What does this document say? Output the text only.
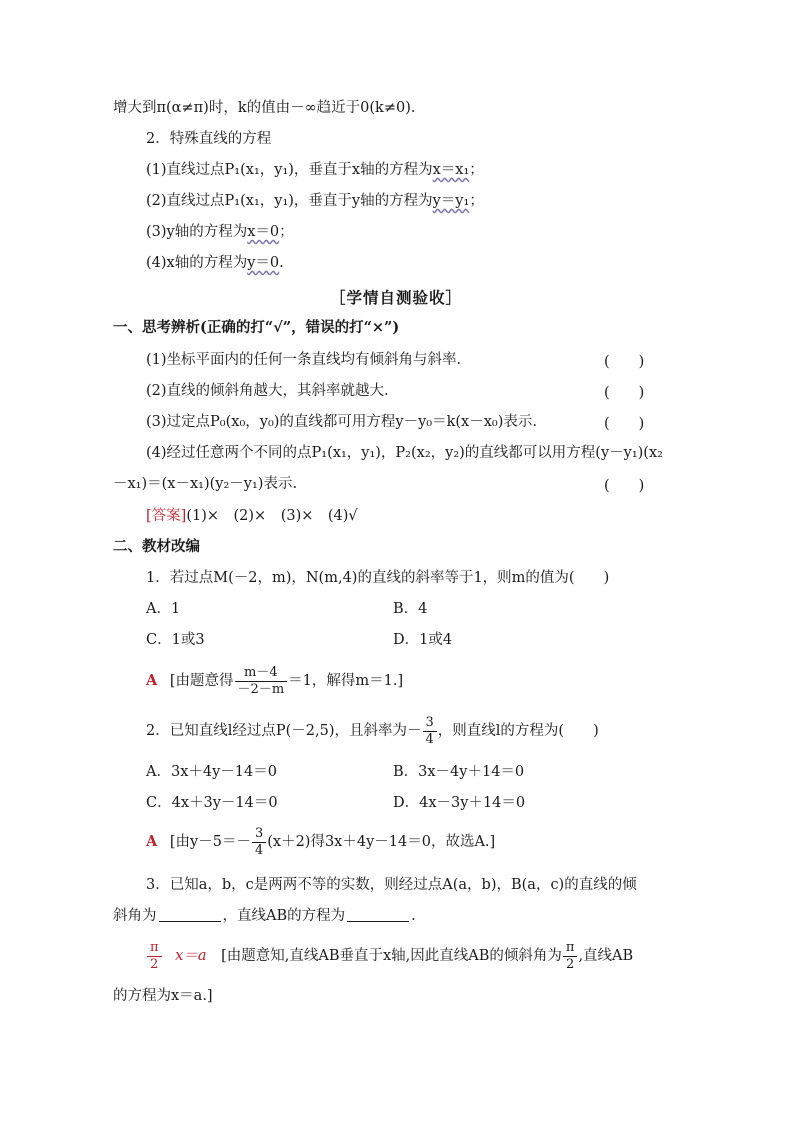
增大到π(α≠π)时，k的值由－∞趋近于0(k≠0).
2．特殊直线的方程
(1)直线过点P₁(x₁，y₁)，垂直于x轴的方程为x＝x₁；
(2)直线过点P₁(x₁，y₁)，垂直于y轴的方程为y＝y₁；
(3)y轴的方程为x＝0；
(4)x轴的方程为y＝0.
［学情自测验收］
一、思考辨析(正确的打“√”，错误的打“×”)
(1)坐标平面内的任何一条直线均有倾斜角与斜率.	(　　)
(2)直线的倾斜角越大，其斜率就越大.	(　　)
(3)过定点P₀(x₀，y₀)的直线都可用方程y－y₀＝k(x－x₀)表示.	(　　)
(4)经过任意两个不同的点P₁(x₁，y₁)，P₂(x₂，y₂)的直线都可以用方程(y－y₁)(x₂
－x₁)＝(x－x₁)(y₂－y₁)表示.	(　　)
[答案](1)×　(2)×　(3)×　(4)√
二、教材改编
1．若过点M(－2，m)，N(m,4)的直线的斜率等于1，则m的值为(　　)
A．1	B．4
C．1或3	D．1或4
A [由题意得 $\frac{m-4}{-2-m} =1$，解得m＝1.]
2．已知直线l经过点P(－2,5)，且斜率为－ $\frac{3}{4}$ ，则直线l的方程为(　　)
A．3x＋4y－14＝0	B．3x－4y＋14＝0
C．4x＋3y－14＝0	D．4x－3y＋14＝0
A [由$y-5=- \frac{3}{4} (x+2)$得3x＋4y－14＝0，故选A.]
3．已知a，b，c是两两不等的实数，则经过点A(a，b)，B(a，c)的直线的倾
斜角为	，直线AB的方程为	.
$\frac{\pi}{2} x=a$ [由题意知,直线AB垂直于x轴,因此直线AB的倾斜角为 $\frac{\pi}{2}$ ,直线AB
的方程为x＝a.]
